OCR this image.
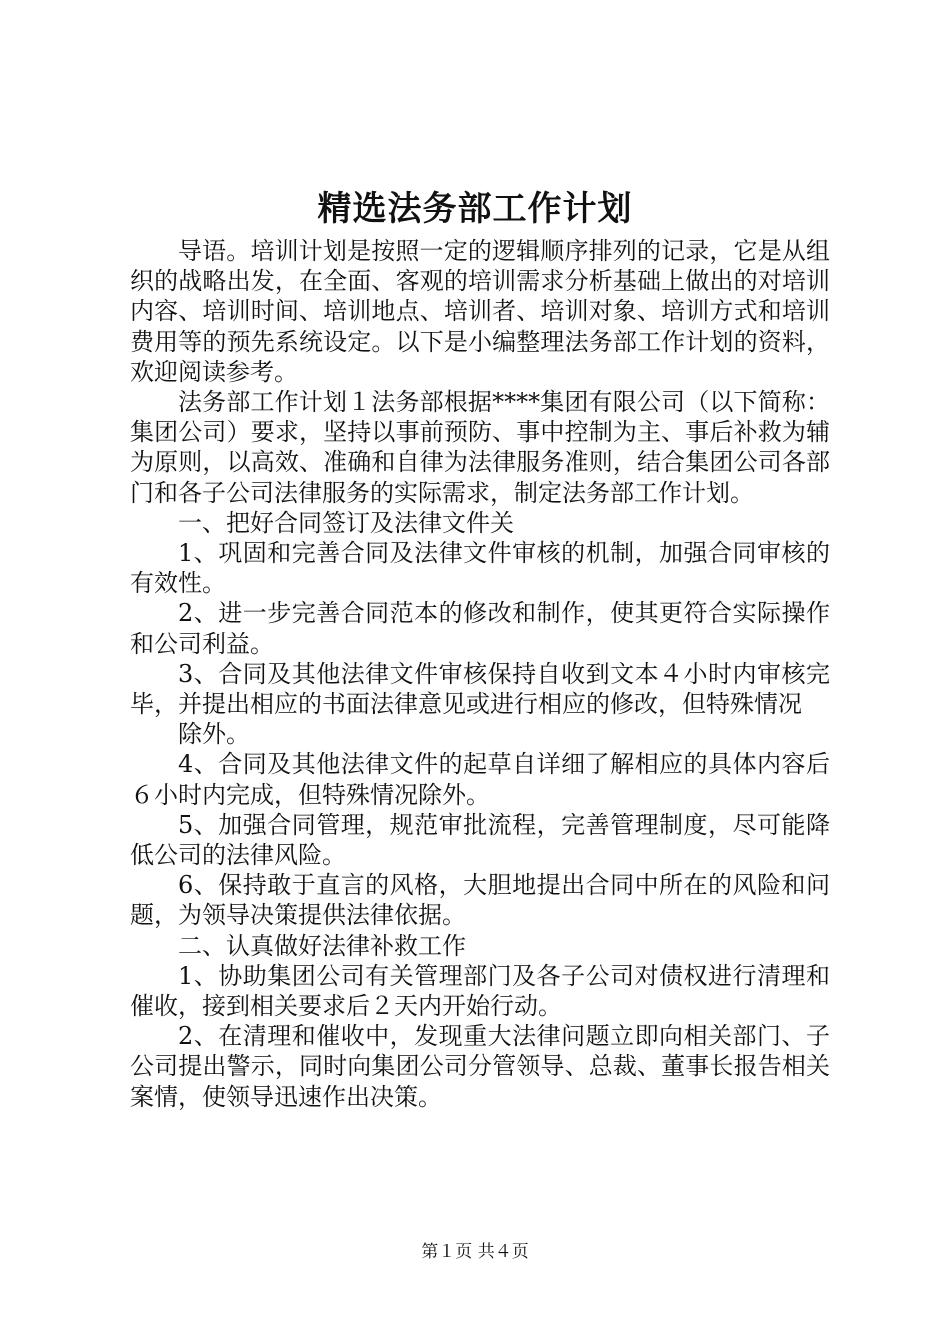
精选法务部工作计划

导语。培训计划是按照一定的逻辑顺序排列的记录，它是从组织的战略出发，在全面、客观的培训需求分析基础上做出的对培训内容、培训时间、培训地点、培训者、培训对象、培训方式和培训费用等的预先系统设定。以下是小编整理法务部工作计划的资料，欢迎阅读参考。

法务部工作计划１法务部根据****集团有限公司（以下简称：集团公司）要求，坚持以事前预防、事中控制为主、事后补救为辅为原则，以高效、准确和自律为法律服务准则，结合集团公司各部门和各子公司法律服务的实际需求，制定法务部工作计划。

一、把好合同签订及法律文件关

1、巩固和完善合同及法律文件审核的机制，加强合同审核的有效性。

2、进一步完善合同范本的修改和制作，使其更符合实际操作和公司利益。

3、合同及其他法律文件审核保持自收到文本４小时内审核完毕，并提出相应的书面法律意见或进行相应的修改，但特殊情况

除外。

4、合同及其他法律文件的起草自详细了解相应的具体内容后６小时内完成，但特殊情况除外。

5、加强合同管理，规范审批流程，完善管理制度，尽可能降低公司的法律风险。

6、保持敢于直言的风格，大胆地提出合同中所在的风险和问题，为领导决策提供法律依据。

二、认真做好法律补救工作

1、协助集团公司有关管理部门及各子公司对债权进行清理和催收，接到相关要求后２天内开始行动。

2、在清理和催收中，发现重大法律问题立即向相关部门、子公司提出警示，同时向集团公司分管领导、总裁、董事长报告相关案情，使领导迅速作出决策。

第１页 共４页
